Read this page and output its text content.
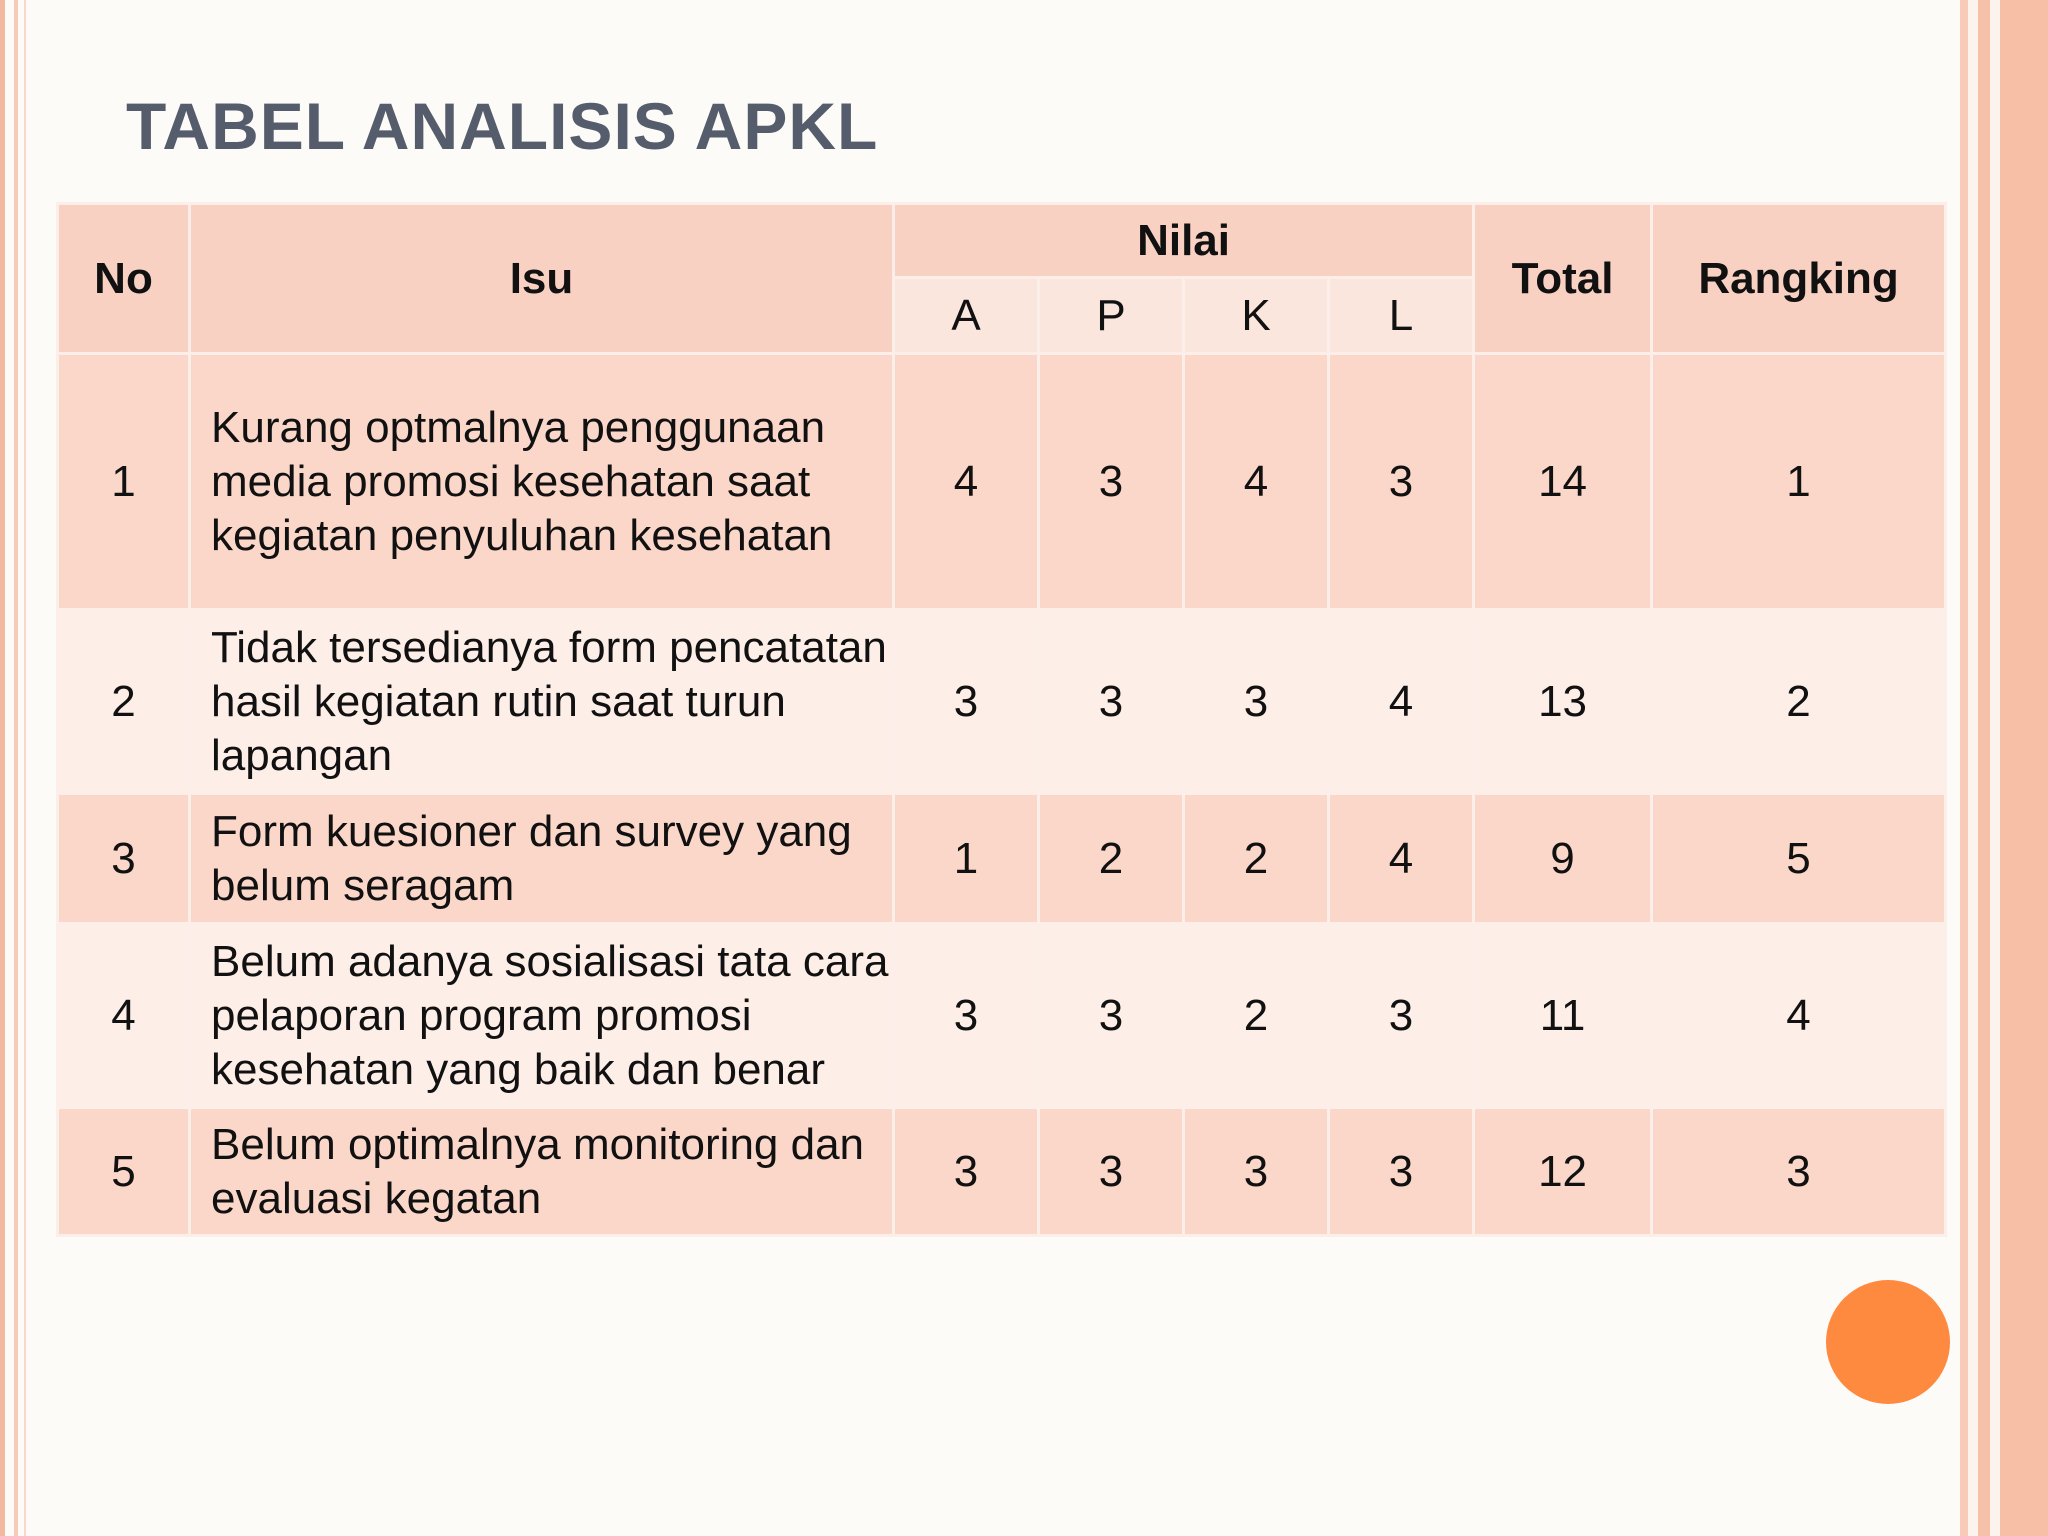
TABEL ANALISIS APKL
No	Isu	Nilai				Total	Rangking
		A	P	K	L		
1	Kurang optmalnya penggunaan media promosi kesehatan saat kegiatan penyuluhan kesehatan	4	3	4	3	14	1
2	Tidak tersedianya form pencatatan hasil kegiatan rutin saat turun lapangan	3	3	3	4	13	2
3	Form kuesioner dan survey yang belum seragam	1	2	2	4	9	5
4	Belum adanya sosialisasi tata cara pelaporan program promosi kesehatan yang baik dan benar	3	3	2	3	11	4
5	Belum optimalnya monitoring dan evaluasi kegatan	3	3	3	3	12	3
